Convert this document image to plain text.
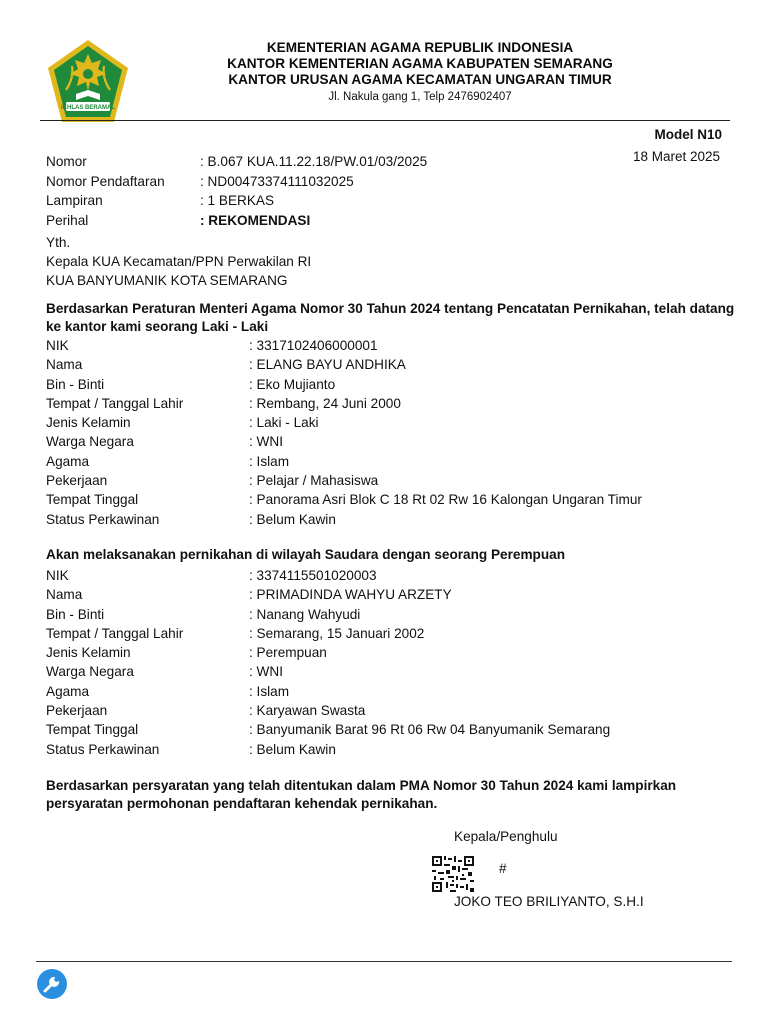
IKHLAS BERAMAL
KEMENTERIAN AGAMA REPUBLIK INDONESIA
KANTOR KEMENTERIAN AGAMA KABUPATEN SEMARANG
KANTOR URUSAN AGAMA KECAMATAN UNGARAN TIMUR
Jl. Nakula gang 1, Telp 2476902407
Model N10
18 Maret 2025
Nomor	: B.067 KUA.11.22.18/PW.01/03/2025
Nomor Pendaftaran	: ND00473374111032025
Lampiran	: 1 BERKAS
Perihal	: REKOMENDASI
Yth.
Kepala KUA Kecamatan/PPN Perwakilan RI
KUA BANYUMANIK KOTA SEMARANG
Berdasarkan Peraturan Menteri Agama Nomor 30 Tahun 2024 tentang Pencatatan Pernikahan, telah datang ke kantor kami seorang Laki - Laki
NIK	: 3317102406000001
Nama	: ELANG BAYU ANDHIKA
Bin - Binti	: Eko Mujianto
Tempat / Tanggal Lahir	: Rembang, 24 Juni 2000
Jenis Kelamin	: Laki - Laki
Warga Negara	: WNI
Agama	: Islam
Pekerjaan	: Pelajar / Mahasiswa
Tempat Tinggal	: Panorama Asri Blok C 18 Rt 02 Rw 16 Kalongan Ungaran Timur
Status Perkawinan	: Belum Kawin
Akan melaksanakan pernikahan di wilayah Saudara dengan seorang Perempuan
NIK	: 3374115501020003
Nama	: PRIMADINDA WAHYU ARZETY
Bin - Binti	: Nanang Wahyudi
Tempat / Tanggal Lahir	: Semarang, 15 Januari 2002
Jenis Kelamin	: Perempuan
Warga Negara	: WNI
Agama	: Islam
Pekerjaan	: Karyawan Swasta
Tempat Tinggal	: Banyumanik Barat 96 Rt 06 Rw 04 Banyumanik Semarang
Status Perkawinan	: Belum Kawin
Berdasarkan persyaratan yang telah ditentukan dalam PMA Nomor 30 Tahun 2024 kami lampirkan persyaratan permohonan pendaftaran kehendak pernikahan.
Kepala/Penghulu
#
JOKO TEO BRILIYANTO, S.H.I
